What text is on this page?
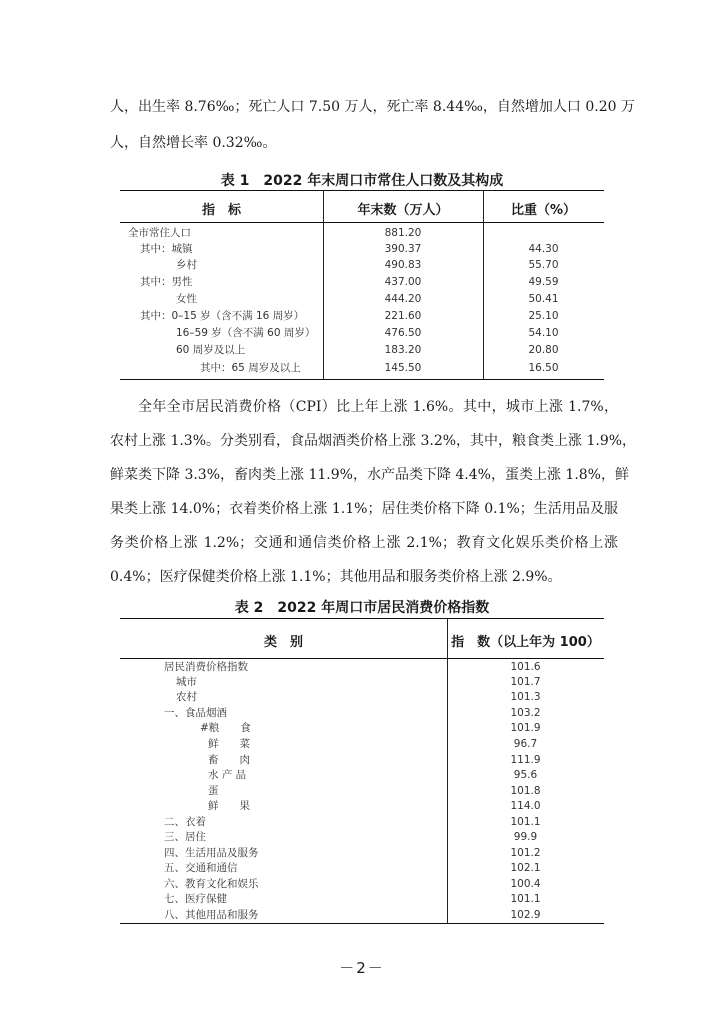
人，出生率 8.76‰；死亡人口 7.50 万人，死亡率 8.44‰，自然增加人口 0.20 万
人，自然增长率 0.32‰。
表 1　2022 年末周口市常住人口数及其构成
指　标	年末数（万人）	比重（%）
全市常住人口	881.20
其中：城镇	390.37	44.30
乡村	490.83	55.70
其中：男性	437.00	49.59
女性	444.20	50.41
其中：0–15 岁（含不满 16 周岁）	221.60	25.10
16–59 岁（含不满 60 周岁）	476.50	54.10
60 周岁及以上	183.20	20.80
其中：65 周岁及以上	145.50	16.50
全年全市居民消费价格（CPI）比上年上涨 1.6%。其中，城市上涨 1.7%，
农村上涨 1.3%。分类别看，食品烟酒类价格上涨 3.2%，其中，粮食类上涨 1.9%，
鲜菜类下降 3.3%，畜肉类上涨 11.9%，水产品类下降 4.4%，蛋类上涨 1.8%，鲜
果类上涨 14.0%；衣着类价格上涨 1.1%；居住类价格下降 0.1%；生活用品及服
务类价格上涨 1.2%；交通和通信类价格上涨 2.1%；教育文化娱乐类价格上涨
0.4%；医疗保健类价格上涨 1.1%；其他用品和服务类价格上涨 2.9%。
表 2　2022 年周口市居民消费价格指数
类　别	指　数（以上年为 100）
居民消费价格指数	101.6
城市	101.7
农村	101.3
一、食品烟酒	103.2
#粮　　食	101.9
鲜　　菜	96.7
畜　　肉	111.9
水 产 品	95.6
蛋	101.8
鲜　　果	114.0
二、衣着	101.1
三、居住	99.9
四、生活用品及服务	101.2
五、交通和通信	102.1
六、教育文化和娱乐	100.4
七、医疗保健	101.1
八、其他用品和服务	102.9
－2－
